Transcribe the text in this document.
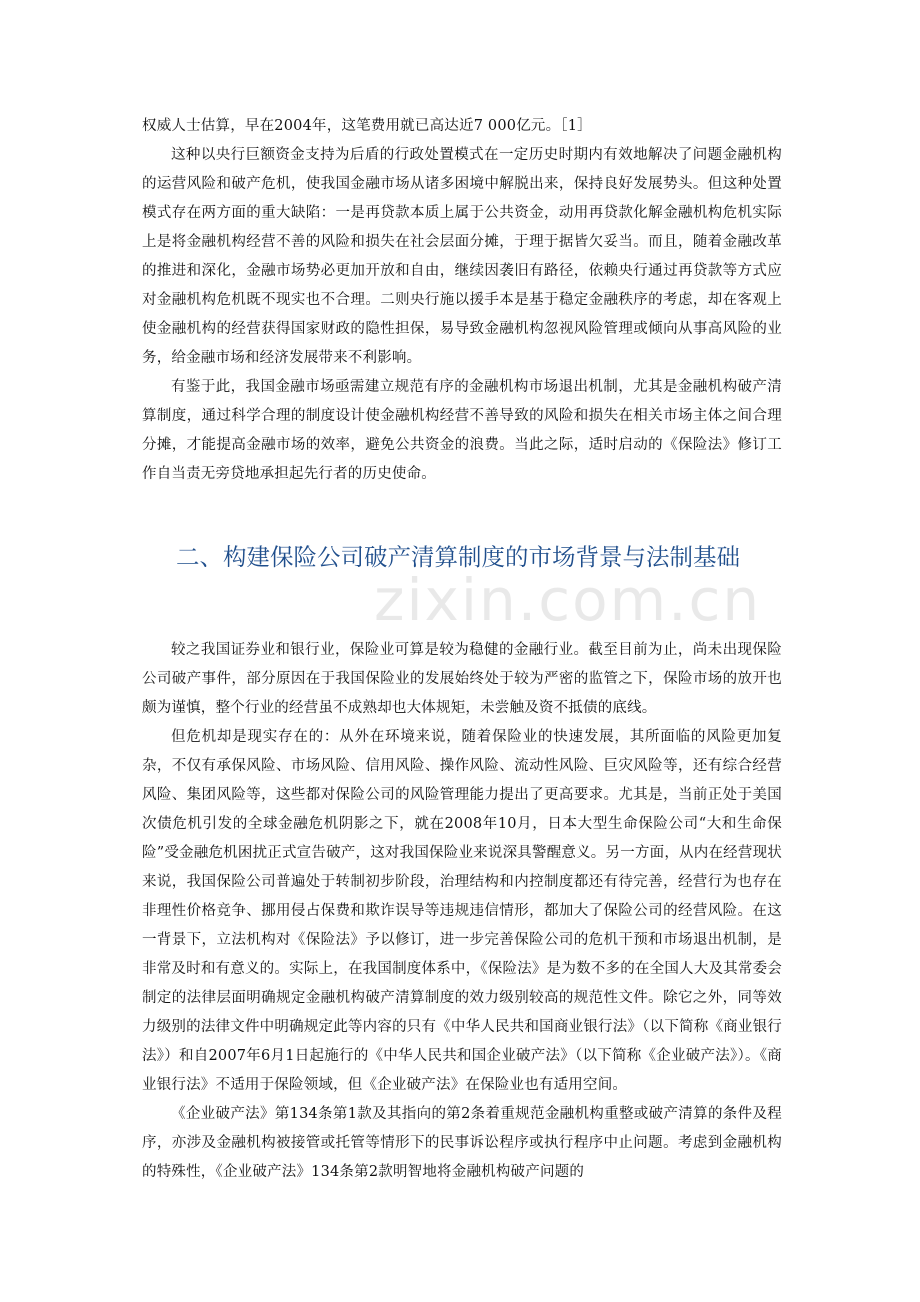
zixin.com.cn

权威人士估算，早在2004年，这笔费用就已高达近7 000亿元。［1］

这种以央行巨额资金支持为后盾的行政处置模式在一定历史时期内有效地解决了问题金融机构的运营风险和破产危机，使我国金融市场从诸多困境中解脱出来，保持良好发展势头。但这种处置模式存在两方面的重大缺陷：一是再贷款本质上属于公共资金，动用再贷款化解金融机构危机实际上是将金融机构经营不善的风险和损失在社会层面分摊，于理于据皆欠妥当。而且，随着金融改革的推进和深化，金融市场势必更加开放和自由，继续因袭旧有路径，依赖央行通过再贷款等方式应对金融机构危机既不现实也不合理。二则央行施以援手本是基于稳定金融秩序的考虑，却在客观上使金融机构的经营获得国家财政的隐性担保，易导致金融机构忽视风险管理或倾向从事高风险的业务，给金融市场和经济发展带来不利影响。

有鉴于此，我国金融市场亟需建立规范有序的金融机构市场退出机制，尤其是金融机构破产清算制度，通过科学合理的制度设计使金融机构经营不善导致的风险和损失在相关市场主体之间合理分摊，才能提高金融市场的效率，避免公共资金的浪费。当此之际，适时启动的《保险法》修订工作自当责无旁贷地承担起先行者的历史使命。

二、构建保险公司破产清算制度的市场背景与法制基础

较之我国证券业和银行业，保险业可算是较为稳健的金融行业。截至目前为止，尚未出现保险公司破产事件，部分原因在于我国保险业的发展始终处于较为严密的监管之下，保险市场的放开也颇为谨慎，整个行业的经营虽不成熟却也大体规矩，未尝触及资不抵债的底线。

但危机却是现实存在的：从外在环境来说，随着保险业的快速发展，其所面临的风险更加复杂，不仅有承保风险、市场风险、信用风险、操作风险、流动性风险、巨灾风险等，还有综合经营风险、集团风险等，这些都对保险公司的风险管理能力提出了更高要求。尤其是，当前正处于美国次债危机引发的全球金融危机阴影之下，就在2008年10月，日本大型生命保险公司“大和生命保险”受金融危机困扰正式宣告破产，这对我国保险业来说深具警醒意义。另一方面，从内在经营现状来说，我国保险公司普遍处于转制初步阶段，治理结构和内控制度都还有待完善，经营行为也存在非理性价格竞争、挪用侵占保费和欺诈误导等违规违信情形，都加大了保险公司的经营风险。在这一背景下，立法机构对《保险法》予以修订，进一步完善保险公司的危机干预和市场退出机制，是非常及时和有意义的。实际上，在我国制度体系中，《保险法》是为数不多的在全国人大及其常委会制定的法律层面明确规定金融机构破产清算制度的效力级别较高的规范性文件。除它之外，同等效力级别的法律文件中明确规定此等内容的只有《中华人民共和国商业银行法》（以下简称《商业银行法》）和自2007年6月1日起施行的《中华人民共和国企业破产法》（以下简称《企业破产法》）。《商业银行法》不适用于保险领域，但《企业破产法》在保险业也有适用空间。

《企业破产法》第134条第1款及其指向的第2条着重规范金融机构重整或破产清算的条件及程序，亦涉及金融机构被接管或托管等情形下的民事诉讼程序或执行程序中止问题。考虑到金融机构的特殊性，《企业破产法》134条第2款明智地将金融机构破产问题的
